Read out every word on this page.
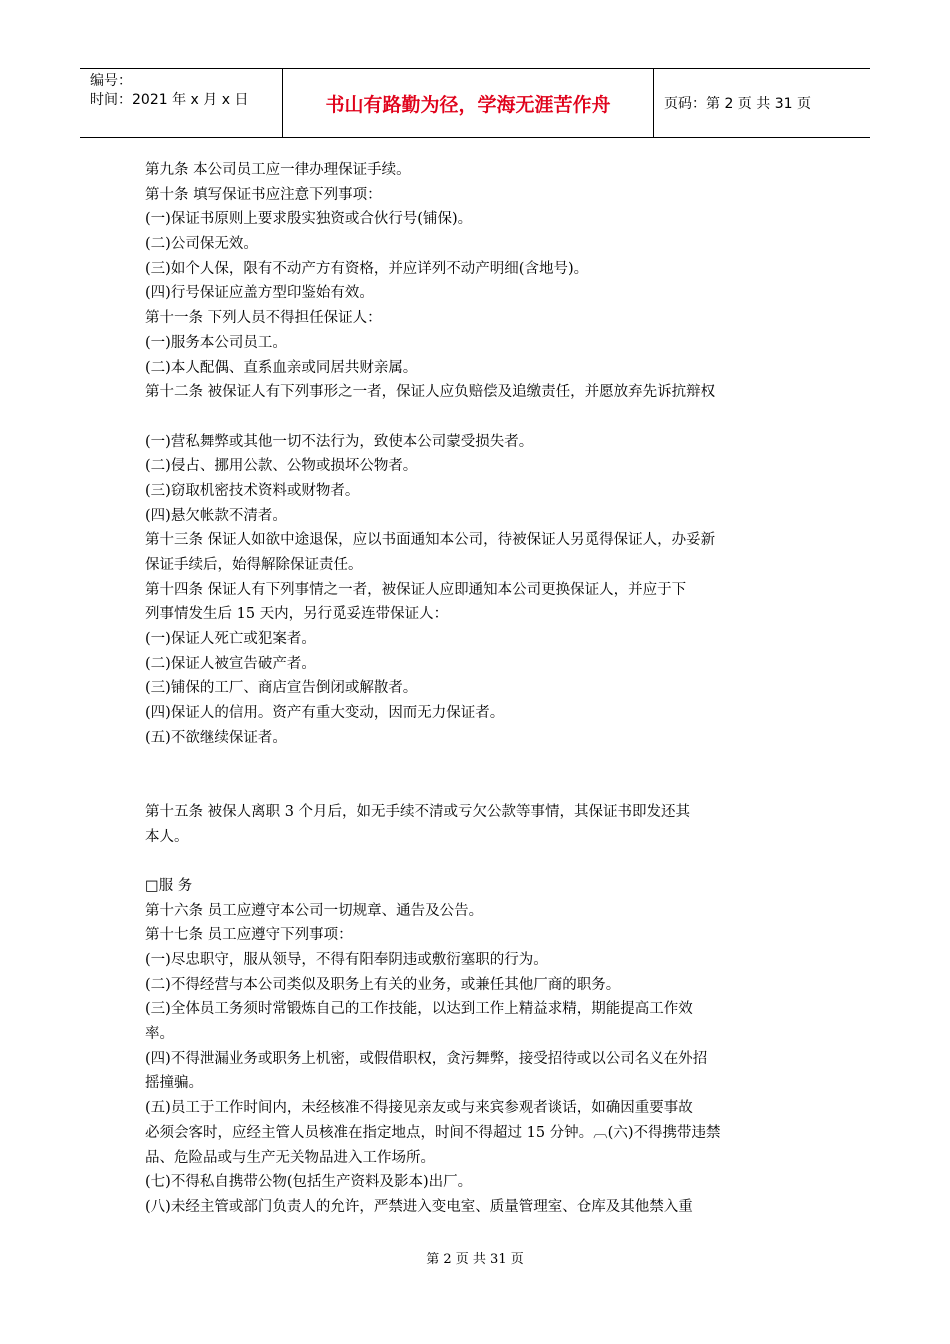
编号：
时间：2021 年 x 月 x 日	书山有路勤为径，学海无涯苦作舟	页码：第 2 页 共 31 页
第九条 本公司员工应一律办理保证手续。
第十条 填写保证书应注意下列事项：
(一)保证书原则上要求殷实独资或合伙行号(铺保)。
(二)公司保无效。
(三)如个人保，限有不动产方有资格，并应详列不动产明细(含地号)。
(四)行号保证应盖方型印鉴始有效。
第十一条 下列人员不得担任保证人：
(一)服务本公司员工。
(二)本人配偶、直系血亲或同居共财亲属。
第十二条 被保证人有下列事形之一者，保证人应负赔偿及追缴责任，并愿放弃先诉抗辩权
(一)营私舞弊或其他一切不法行为，致使本公司蒙受损失者。
(二)侵占、挪用公款、公物或损坏公物者。
(三)窃取机密技术资料或财物者。
(四)悬欠帐款不清者。
第十三条 保证人如欲中途退保，应以书面通知本公司，待被保证人另觅得保证人，办妥新
保证手续后，始得解除保证责任。
第十四条 保证人有下列事情之一者，被保证人应即通知本公司更换保证人，并应于下
列事情发生后 15 天内，另行觅妥连带保证人：
(一)保证人死亡或犯案者。
(二)保证人被宣告破产者。
(三)铺保的工厂、商店宣告倒闭或解散者。
(四)保证人的信用。资产有重大变动，因而无力保证者。
(五)不欲继续保证者。
第十五条 被保人离职 3 个月后，如无手续不清或亏欠公款等事情，其保证书即发还其
本人。
□服 务
第十六条 员工应遵守本公司一切规章、通告及公告。
第十七条 员工应遵守下列事项：
(一)尽忠职守，服从领导，不得有阳奉阴违或敷衍塞职的行为。
(二)不得经营与本公司类似及职务上有关的业务，或兼任其他厂商的职务。
(三)全体员工务须时常锻炼自己的工作技能，以达到工作上精益求精，期能提高工作效
率。
(四)不得泄漏业务或职务上机密，或假借职权，贪污舞弊，接受招待或以公司名义在外招
摇撞骗。
(五)员工于工作时间内，未经核准不得接见亲友或与来宾参观者谈话，如确因重要事故
必须会客时，应经主管人员核准在指定地点，时间不得超过 15 分钟。︹(六)不得携带违禁
品、危险品或与生产无关物品进入工作场所。
(七)不得私自携带公物(包括生产资料及影本)出厂。
(八)未经主管或部门负责人的允许，严禁进入变电室、质量管理室、仓库及其他禁入重
第 2 页 共 31 页
